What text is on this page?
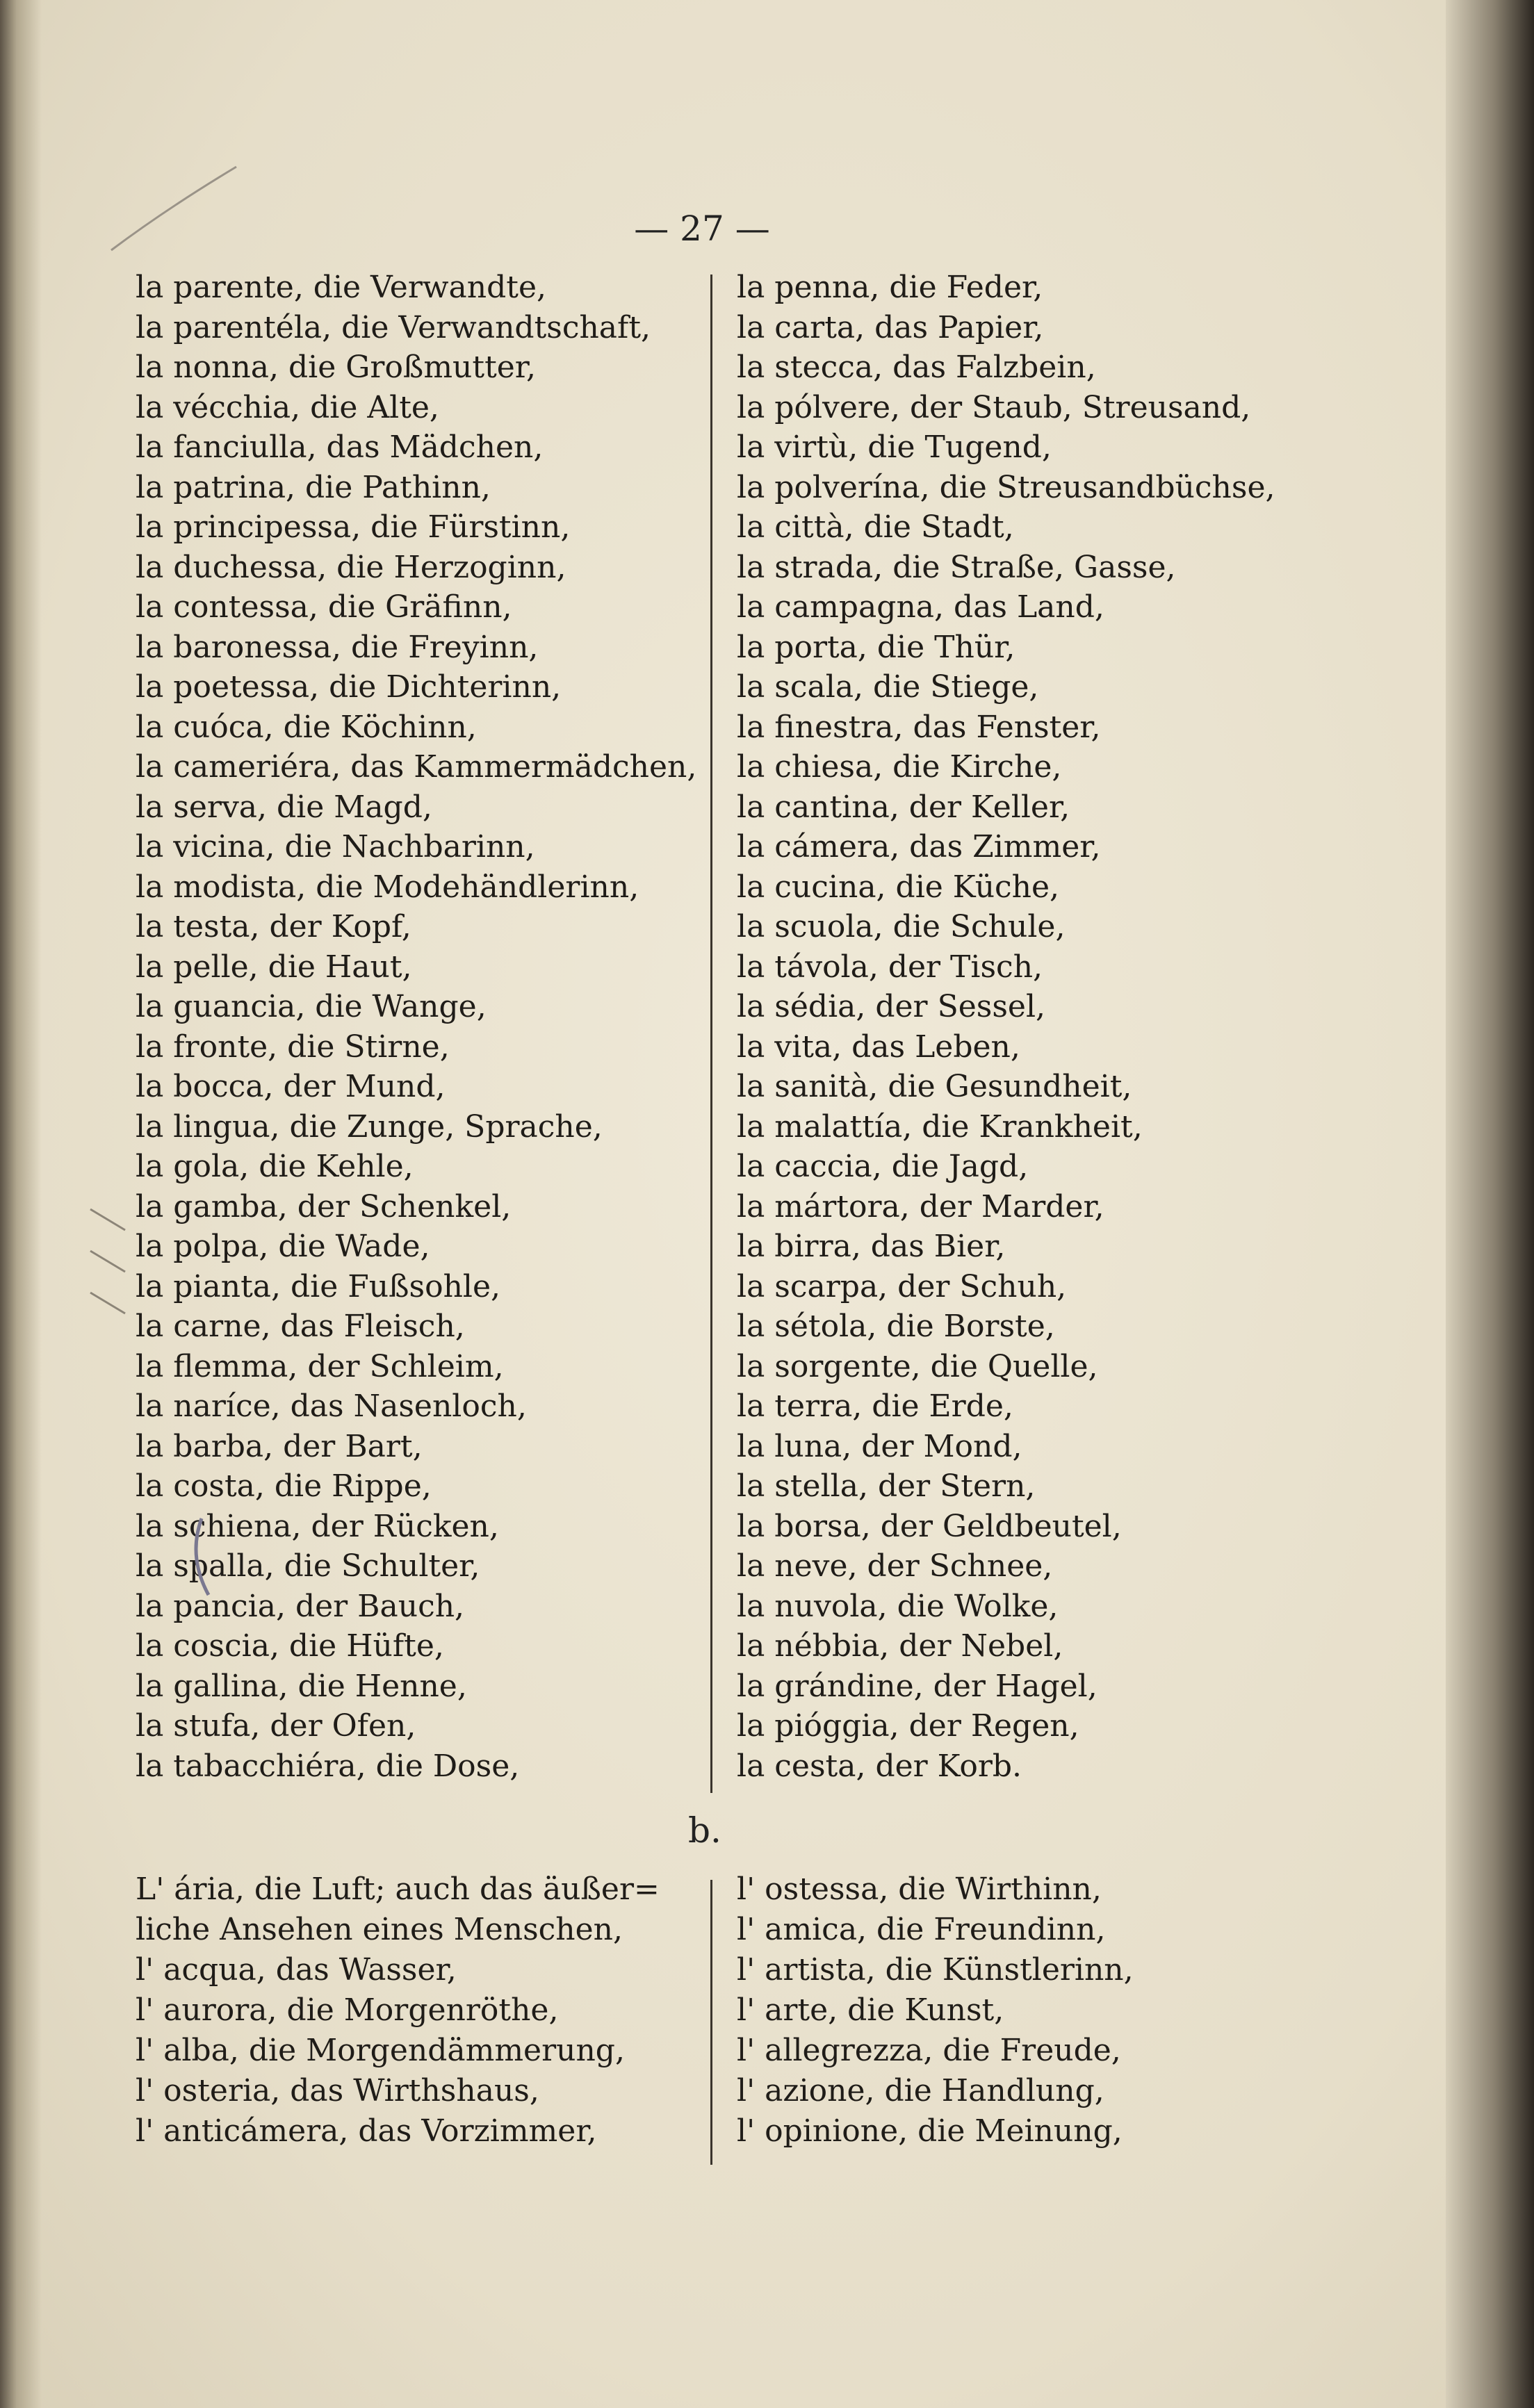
— 27 —
la parente, die Verwandte,
la parentéla, die Verwandtschaft,
la nonna, die Großmutter,
la vécchia, die Alte,
la fanciulla, das Mädchen,
la patrina, die Pathinn,
la principessa, die Fürstinn,
la duchessa, die Herzoginn,
la contessa, die Gräfinn,
la baronessa, die Freyinn,
la poetessa, die Dichterinn,
la cuóca, die Köchinn,
la cameriéra, das Kammermädchen,
la serva, die Magd,
la vicina, die Nachbarinn,
la modista, die Modehändlerinn,
la testa, der Kopf,
la pelle, die Haut,
la guancia, die Wange,
la fronte, die Stirne,
la bocca, der Mund,
la lingua, die Zunge, Sprache,
la gola, die Kehle,
la gamba, der Schenkel,
la polpa, die Wade,
la pianta, die Fußsohle,
la carne, das Fleisch,
la flemma, der Schleim,
la naríce, das Nasenloch,
la barba, der Bart,
la costa, die Rippe,
la schiena, der Rücken,
la spalla, die Schulter,
la pancia, der Bauch,
la coscia, die Hüfte,
la gallina, die Henne,
la stufa, der Ofen,
la tabacchiéra, die Dose,
la penna, die Feder,
la carta, das Papier,
la stecca, das Falzbein,
la pólvere, der Staub, Streusand,
la virtù, die Tugend,
la polverína, die Streusandbüchse,
la città, die Stadt,
la strada, die Straße, Gasse,
la campagna, das Land,
la porta, die Thür,
la scala, die Stiege,
la finestra, das Fenster,
la chiesa, die Kirche,
la cantina, der Keller,
la cámera, das Zimmer,
la cucina, die Küche,
la scuola, die Schule,
la távola, der Tisch,
la sédia, der Sessel,
la vita, das Leben,
la sanità, die Gesundheit,
la malattía, die Krankheit,
la caccia, die Jagd,
la mártora, der Marder,
la birra, das Bier,
la scarpa, der Schuh,
la sétola, die Borste,
la sorgente, die Quelle,
la terra, die Erde,
la luna, der Mond,
la stella, der Stern,
la borsa, der Geldbeutel,
la neve, der Schnee,
la nuvola, die Wolke,
la nébbia, der Nebel,
la grándine, der Hagel,
la pióggia, der Regen,
la cesta, der Korb.
b.
L' ária, die Luft; auch das äußer=
liche Ansehen eines Menschen,
l' acqua, das Wasser,
l' aurora, die Morgenröthe,
l' alba, die Morgendämmerung,
l' osteria, das Wirthshaus,
l' anticámera, das Vorzimmer,
l' ostessa, die Wirthinn,
l' amica, die Freundinn,
l' artista, die Künstlerinn,
l' arte, die Kunst,
l' allegrezza, die Freude,
l' azione, die Handlung,
l' opinione, die Meinung,
